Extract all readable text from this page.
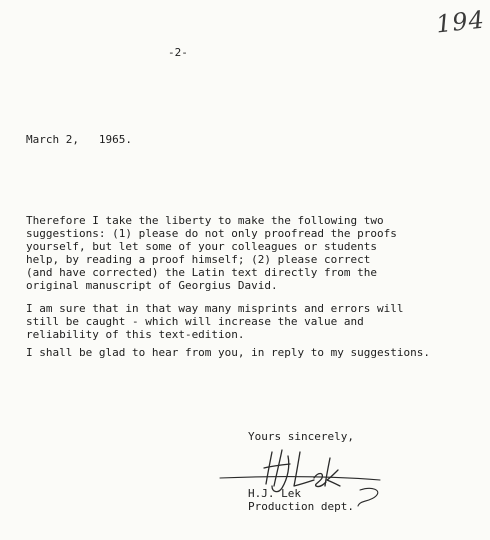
194
-2-
March 2,   1965.
Therefore I take the liberty to make the following two
suggestions: (1) please do not only proofread the proofs
yourself, but let some of your colleagues or students
help, by reading a proof himself; (2) please correct
(and have corrected) the Latin text directly from the
original manuscript of Georgius David.
I am sure that in that way many misprints and errors will
still be caught - which will increase the value and
reliability of this text-edition.
I shall be glad to hear from you, in reply to my suggestions.
Yours sincerely,
H.J. Lek
Production dept.
